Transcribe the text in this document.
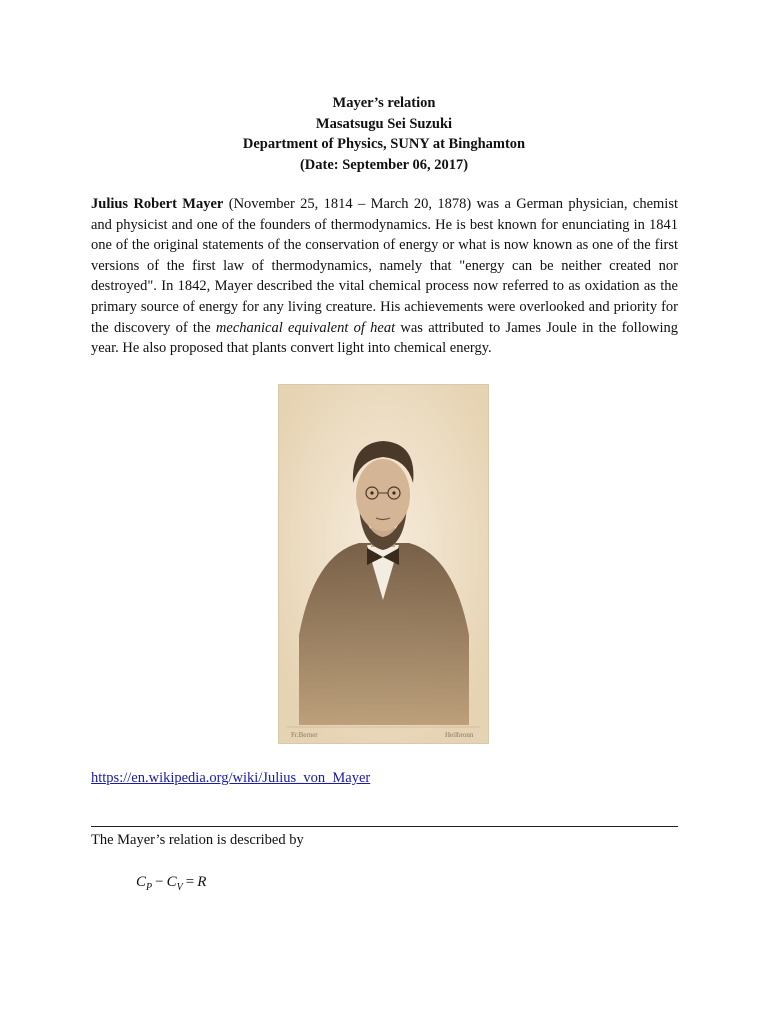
Mayer’s relation
Masatsugu Sei Suzuki
Department of Physics, SUNY at Binghamton
(Date: September 06, 2017)

Julius Robert Mayer (November 25, 1814 – March 20, 1878) was a German physician, chemist and physicist and one of the founders of thermodynamics. He is best known for enunciating in 1841 one of the original statements of the conservation of energy or what is now known as one of the first versions of the first law of thermodynamics, namely that "energy can be neither created nor destroyed". In 1842, Mayer described the vital chemical process now referred to as oxidation as the primary source of energy for any living creature. His achievements were overlooked and priority for the discovery of the mechanical equivalent of heat was attributed to James Joule in the following year. He also proposed that plants convert light into chemical energy.

Fr.Berner	Heilbronn
https://en.wikipedia.org/wiki/Julius_von_Mayer
The Mayer’s relation is described by
$C_P - C_V = R$
